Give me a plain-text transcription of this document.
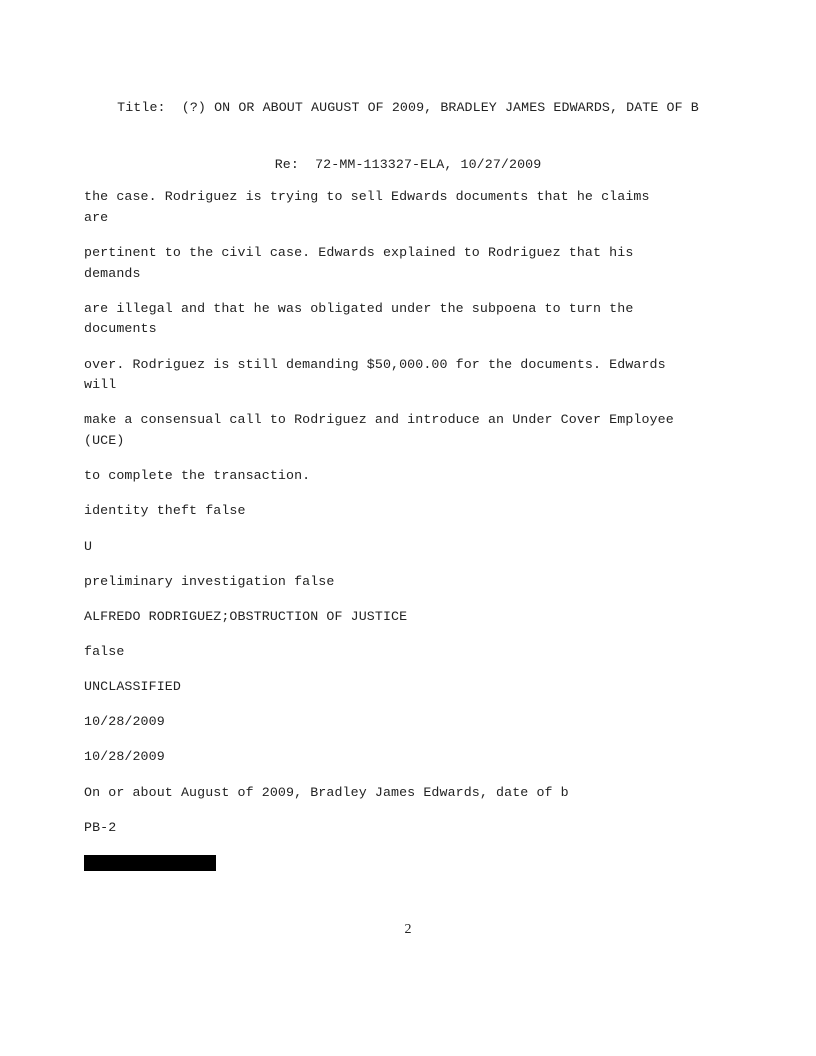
Title:  (?) ON OR ABOUT AUGUST OF 2009, BRADLEY JAMES EDWARDS, DATE OF B

Re:  72-MM-113327-ELA, 10/27/2009

the case. Rodriguez is trying to sell Edwards documents that he claims
are
pertinent to the civil case. Edwards explained to Rodriguez that his
demands
are illegal and that he was obligated under the subpoena to turn the
documents
over. Rodriguez is still demanding $50,000.00 for the documents. Edwards
will
make a consensual call to Rodriguez and introduce an Under Cover Employee
(UCE)
to complete the transaction.
identity theft false
U
preliminary investigation false
ALFREDO RODRIGUEZ;OBSTRUCTION OF JUSTICE
false
UNCLASSIFIED
10/28/2009
10/28/2009
On or about August of 2009, Bradley James Edwards, date of b
PB-2
2
